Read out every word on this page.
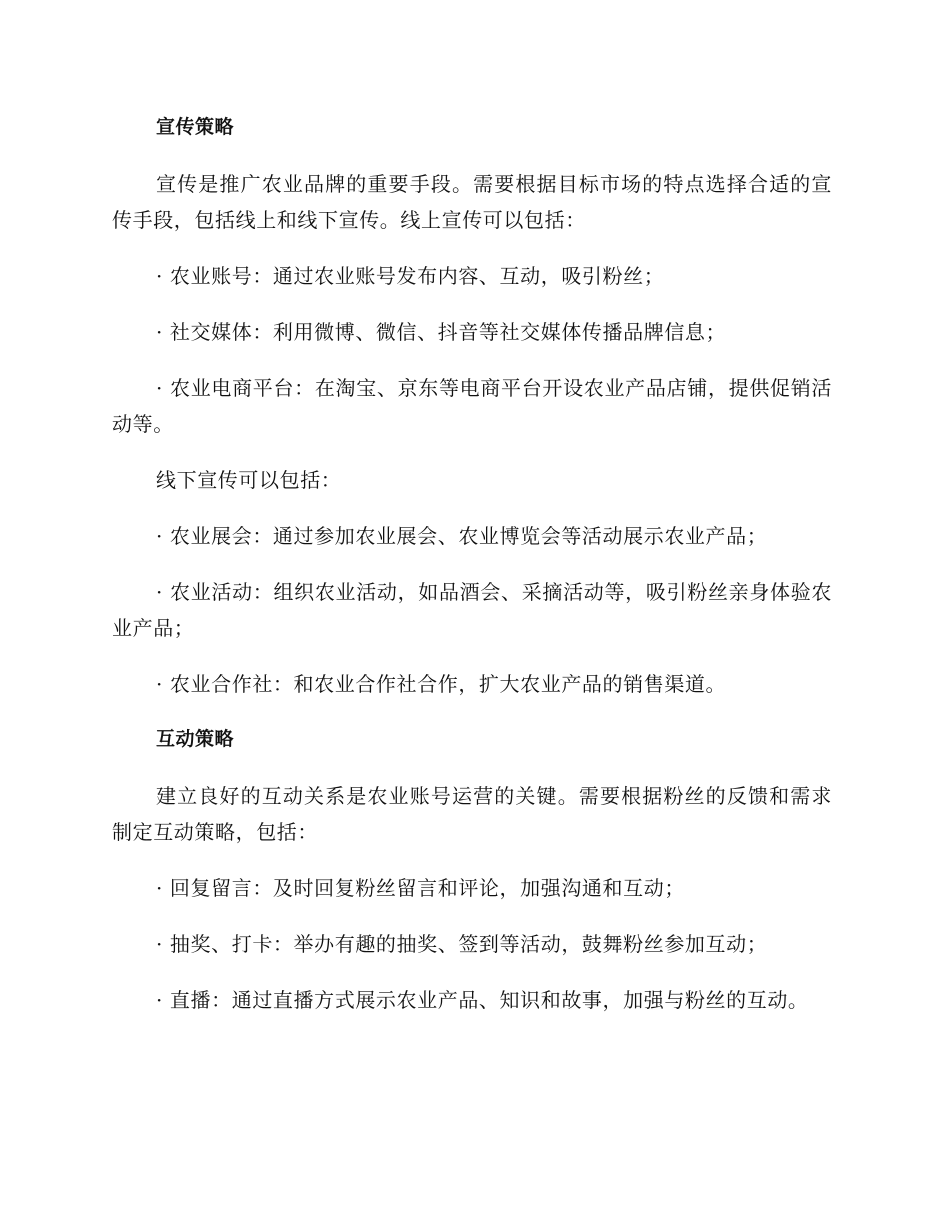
宣传策略

宣传是推广农业品牌的重要手段。需要根据目标市场的特点选择合适的宣传手段，包括线上和线下宣传。线上宣传可以包括：

· 农业账号：通过农业账号发布内容、互动，吸引粉丝；

· 社交媒体：利用微博、微信、抖音等社交媒体传播品牌信息；

· 农业电商平台：在淘宝、京东等电商平台开设农业产品店铺，提供促销活动等。

线下宣传可以包括：

· 农业展会：通过参加农业展会、农业博览会等活动展示农业产品；

· 农业活动：组织农业活动，如品酒会、采摘活动等，吸引粉丝亲身体验农业产品；

· 农业合作社：和农业合作社合作，扩大农业产品的销售渠道。

互动策略

建立良好的互动关系是农业账号运营的关键。需要根据粉丝的反馈和需求制定互动策略，包括：

· 回复留言：及时回复粉丝留言和评论，加强沟通和互动；

· 抽奖、打卡：举办有趣的抽奖、签到等活动，鼓舞粉丝参加互动；

· 直播：通过直播方式展示农业产品、知识和故事，加强与粉丝的互动。
